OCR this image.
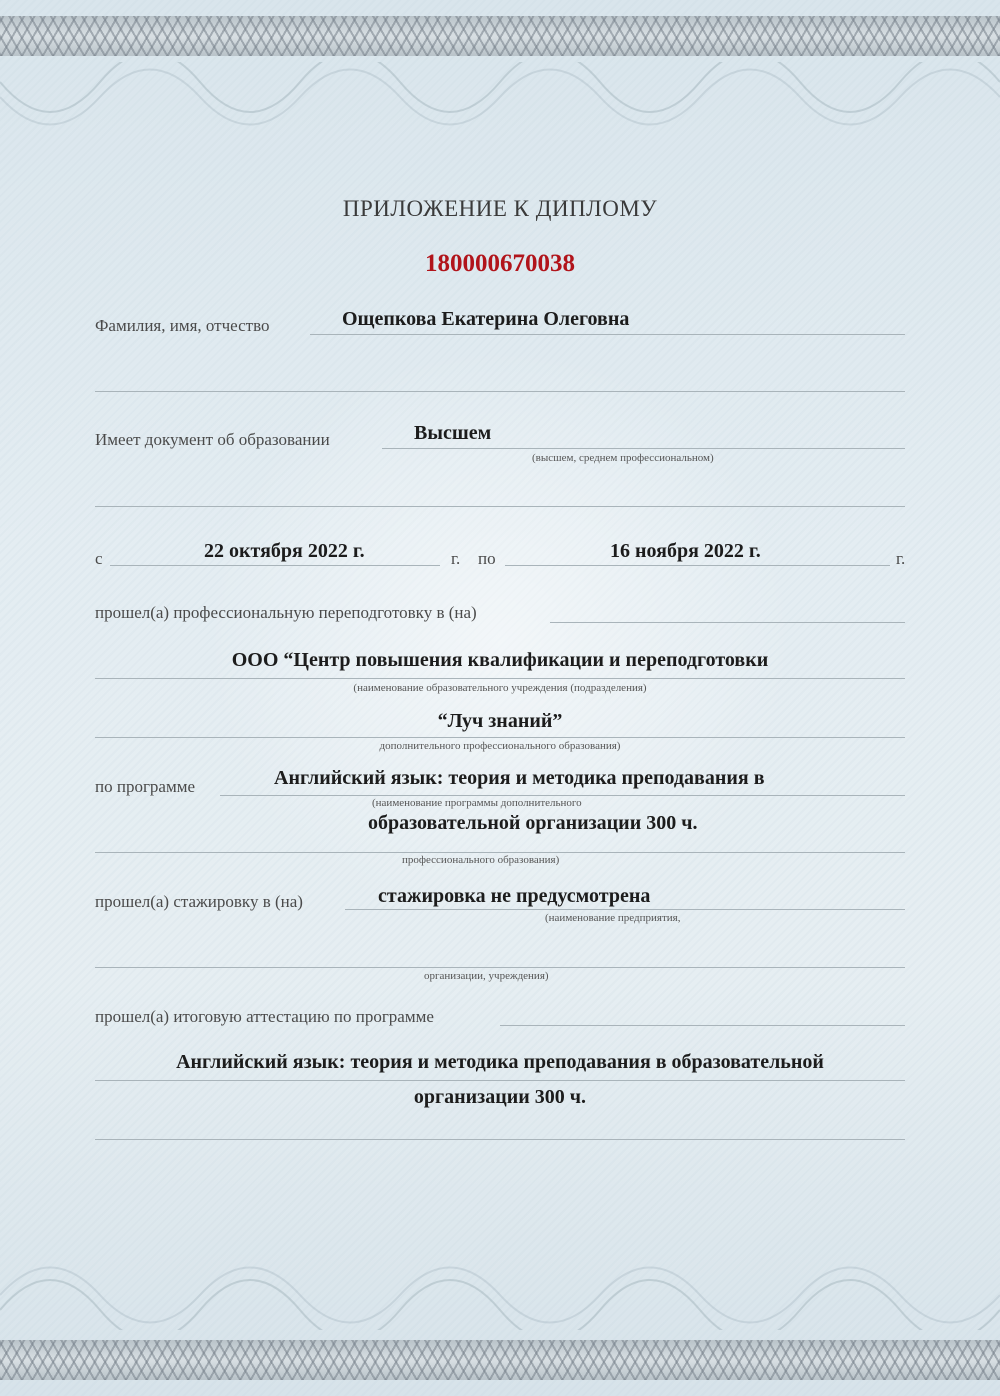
ПРИЛОЖЕНИЕ К ДИПЛОМУ
180000670038
Фамилия, имя, отчество	Ощепкова Екатерина Олеговна
Имеет документ об образовании	Высшем
(высшем, среднем профессиональном)
с	22 октября 2022 г.	г. по	16 ноября 2022 г.	г.
прошел(а) профессиональную переподготовку в (на)
ООО “Центр повышения квалификации и переподготовки
(наименование образовательного учреждения (подразделения)
“Луч знаний”
дополнительного профессионального образования)
по программе	Английский язык: теория и методика преподавания в
(наименование программы дополнительного
образовательной организации 300 ч.
профессионального образования)
прошел(а) стажировку в (на)	стажировка не предусмотрена
(наименование предприятия,
организации, учреждения)
прошел(а) итоговую аттестацию по программе
Английский язык: теория и методика преподавания в образовательной
организации 300 ч.
